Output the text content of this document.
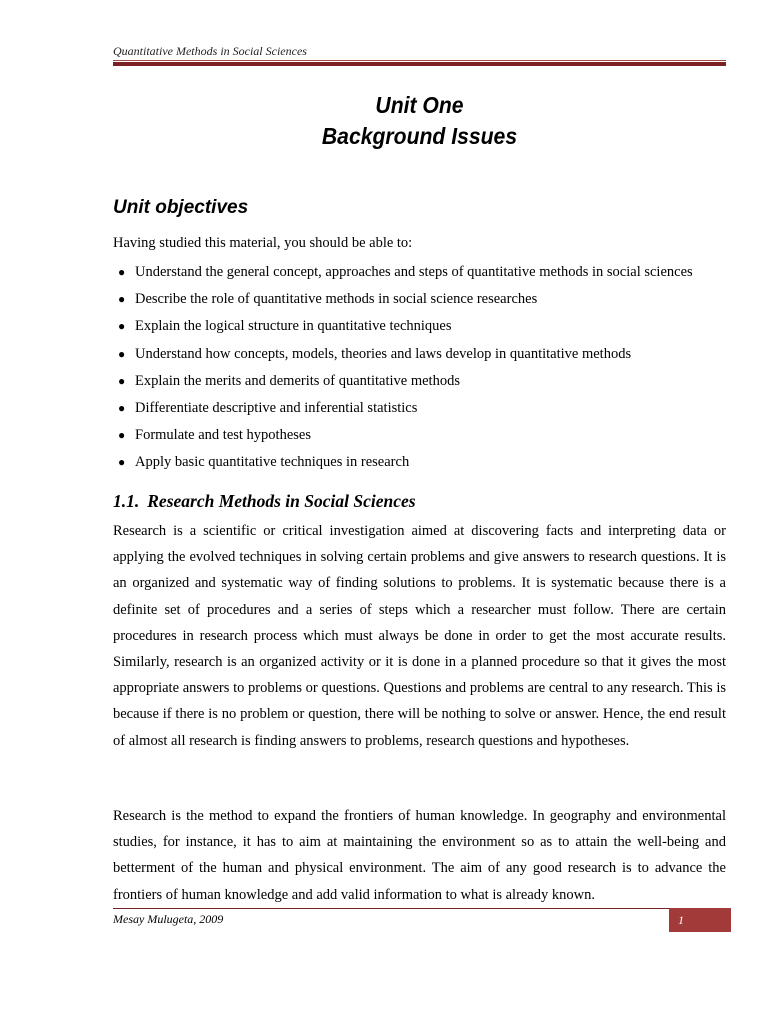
Quantitative Methods in Social Sciences
Unit One
Background Issues
Unit objectives
Having studied this material, you should be able to:
● Understand the general concept, approaches and steps of quantitative methods in social sciences
● Describe the role of quantitative methods in social science researches
● Explain the logical structure in quantitative techniques
● Understand how concepts, models, theories and laws develop in quantitative methods
● Explain the merits and demerits of quantitative methods
● Differentiate descriptive and inferential statistics
● Formulate and test hypotheses
● Apply basic quantitative techniques in research
1.1. Research Methods in Social Sciences

Research is a scientific or critical investigation aimed at discovering facts and interpreting data or applying the evolved techniques in solving certain problems and give answers to research questions. It is an organized and systematic way of finding solutions to problems. It is systematic because there is a definite set of procedures and a series of steps which a researcher must follow. There are certain procedures in research process which must always be done in order to get the most accurate results. Similarly, research is an organized activity or it is done in a planned procedure so that it gives the most appropriate answers to problems or questions. Questions and problems are central to any research. This is because if there is no problem or question, there will be nothing to solve or answer. Hence, the end result of almost all research is finding answers to problems, research questions and hypotheses.

Research is the method to expand the frontiers of human knowledge. In geography and environmental studies, for instance, it has to aim at maintaining the environment so as to attain the well-being and betterment of the human and physical environment. The aim of any good research is to advance the frontiers of human knowledge and add valid information to what is already known.

Mesay Mulugeta, 2009	1
